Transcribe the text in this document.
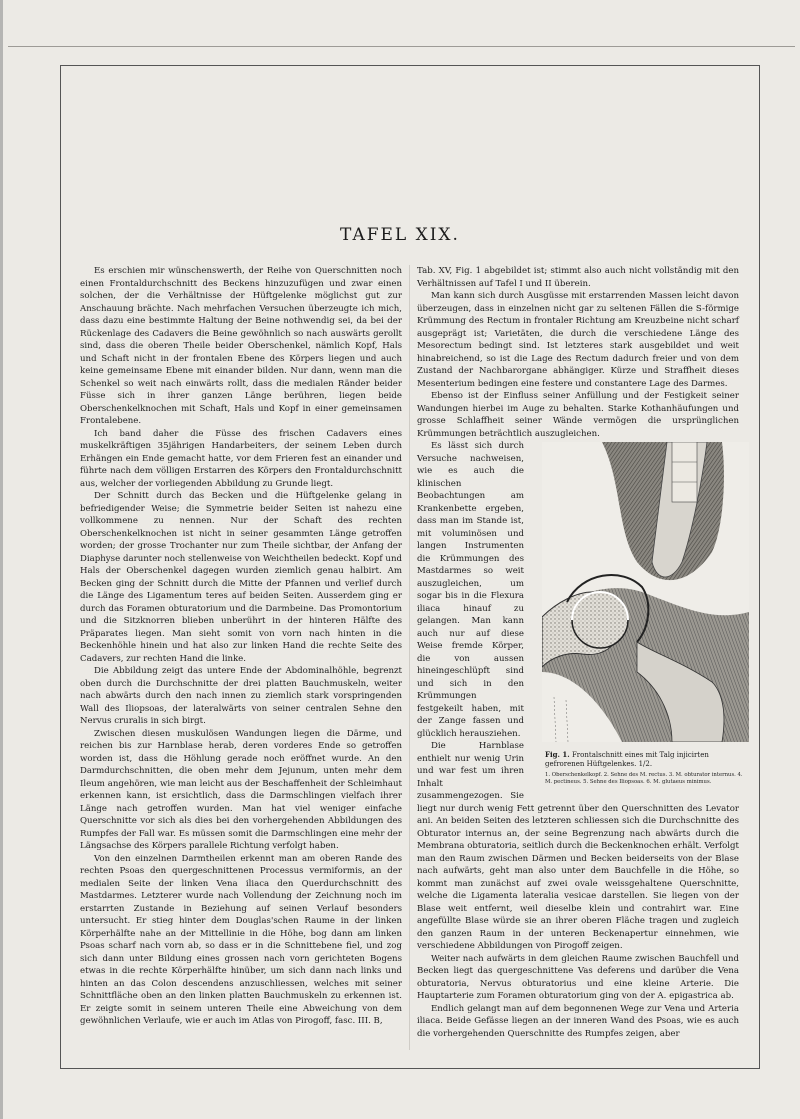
TAFEL XIX.

Es erschien mir wünschenswerth, der Reihe von Querschnitten noch einen Frontaldurchschnitt des Beckens hinzuzufügen und zwar einen solchen, der die Verhältnisse der Hüftgelenke möglichst gut zur Anschauung brächte. Nach mehrfachen Versuchen überzeugte ich mich, dass dazu eine bestimmte Haltung der Beine nothwendig sei, da bei der Rückenlage des Cadavers die Beine gewöhnlich so nach auswärts gerollt sind, dass die oberen Theile beider Oberschenkel, nämlich Kopf, Hals und Schaft nicht in der frontalen Ebene des Körpers liegen und auch keine gemeinsame Ebene mit einander bilden. Nur dann, wenn man die Schenkel so weit nach einwärts rollt, dass die medialen Ränder beider Füsse sich in ihrer ganzen Länge berühren, liegen beide Oberschenkelknochen mit Schaft, Hals und Kopf in einer gemeinsamen Frontalebene.

Ich band daher die Füsse des frischen Cadavers eines muskelkräftigen 35jährigen Handarbeiters, der seinem Leben durch Erhängen ein Ende gemacht hatte, vor dem Frieren fest an einander und führte nach dem völligen Erstarren des Körpers den Frontaldurchschnitt aus, welcher der vorliegenden Abbildung zu Grunde liegt.

Der Schnitt durch das Becken und die Hüftgelenke gelang in befriedigender Weise; die Symmetrie beider Seiten ist nahezu eine vollkommene zu nennen. Nur der Schaft des rechten Oberschenkelknochen ist nicht in seiner gesammten Länge getroffen worden; der grosse Trochanter nur zum Theile sichtbar, der Anfang der Diaphyse darunter noch stellenweise von Weichtheilen bedeckt. Kopf und Hals der Oberschenkel dagegen wurden ziemlich genau halbirt. Am Becken ging der Schnitt durch die Mitte der Pfannen und verlief durch die Länge des Ligamentum teres auf beiden Seiten. Ausserdem ging er durch das Foramen obturatorium und die Darmbeine. Das Promontorium und die Sitzknorren blieben unberührt in der hinteren Hälfte des Präparates liegen. Man sieht somit von vorn nach hinten in die Beckenhöhle hinein und hat also zur linken Hand die rechte Seite des Cadavers, zur rechten Hand die linke.

Die Abbildung zeigt das untere Ende der Abdominalhöhle, begrenzt oben durch die Durchschnitte der drei platten Bauchmuskeln, weiter nach abwärts durch den nach innen zu ziemlich stark vorspringenden Wall des Iliopsoas, der lateralwärts von seiner centralen Sehne den Nervus cruralis in sich birgt.

Zwischen diesen muskulösen Wandungen liegen die Därme, und reichen bis zur Harnblase herab, deren vorderes Ende so getroffen worden ist, dass die Höhlung gerade noch eröffnet wurde. An den Darmdurchschnitten, die oben mehr dem Jejunum, unten mehr dem Ileum angehören, wie man leicht aus der Beschaffenheit der Schleimhaut erkennen kann, ist ersichtlich, dass die Darmschlingen vielfach ihrer Länge nach getroffen wurden. Man hat viel weniger einfache Querschnitte vor sich als dies bei den vorhergehenden Abbildungen des Rumpfes der Fall war. Es müssen somit die Darmschlingen eine mehr der Längsachse des Körpers parallele Richtung verfolgt haben.

Von den einzelnen Darmtheilen erkennt man am oberen Rande des rechten Psoas den quergeschnittenen Processus vermiformis, an der medialen Seite der linken Vena iliaca den Querdurchschnitt des Mastdarmes. Letzterer wurde nach Vollendung der Zeichnung noch im erstarrten Zustande in Beziehung auf seinen Verlauf besonders untersucht. Er stieg hinter dem Douglas'schen Raume in der linken Körperhälfte nahe an der Mittellinie in die Höhe, bog dann am linken Psoas scharf nach vorn ab, so dass er in die Schnittebene fiel, und zog sich dann unter Bildung eines grossen nach vorn gerichteten Bogens etwas in die rechte Körperhälfte hinüber, um sich dann nach links und hinten an das Colon descendens anzuschliessen, welches mit seiner Schnittfläche oben an den linken platten Bauchmuskeln zu erkennen ist. Er zeigte somit in seinem unteren Theile eine Abweichung von dem gewöhnlichen Verlaufe, wie er auch im Atlas von Pirogoff, fasc. III. B,

Tab. XV, Fig. 1 abgebildet ist; stimmt also auch nicht vollständig mit den Verhältnissen auf Tafel I und II überein.

Man kann sich durch Ausgüsse mit erstarrenden Massen leicht davon überzeugen, dass in einzelnen nicht gar zu seltenen Fällen die S-förmige Krümmung des Rectum in frontaler Richtung am Kreuzbeine nicht scharf ausgeprägt ist; Varietäten, die durch die verschiedene Länge des Mesorectum bedingt sind. Ist letzteres stark ausgebildet und weit hinabreichend, so ist die Lage des Rectum dadurch freier und von dem Zustand der Nachbarorgane abhängiger. Kürze und Straffheit dieses Mesenterium bedingen eine festere und constantere Lage des Darmes.

Ebenso ist der Einfluss seiner Anfüllung und der Festigkeit seiner Wandungen hierbei im Auge zu behalten. Starke Kothanhäufungen und grosse Schlaffheit seiner Wände vermögen die ursprünglichen Krümmungen beträchtlich auszugleichen.

Es lässt sich durch Versuche nachweisen, wie es auch die klinischen Beobachtungen am Krankenbette ergeben, dass man im Stande ist, mit voluminösen und langen Instrumenten die Krümmungen des Mastdarmes so weit auszugleichen, um sogar bis in die Flexura iliaca hinauf zu gelangen. Man kann auch nur auf diese Weise fremde Körper, die von aussen hineingeschlüpft sind und sich in den Krümmungen festgekeilt haben, mit der Zange fassen und glücklich herausziehen.

Die Harnblase enthielt nur wenig Urin und war fest um ihren Inhalt zusammengezogen. Sie liegt nur durch wenig Fett getrennt über den Querschnitten des Levator ani. An beiden Seiten des letzteren schliessen sich die Durchschnitte des Obturator internus an, der seine Begrenzung nach abwärts durch die Membrana obturatoria, seitlich durch die Beckenknochen erhält. Verfolgt man den Raum zwischen Därmen und Becken beiderseits von der Blase nach aufwärts, geht man also unter dem Bauchfelle in die Höhe, so kommt man zunächst auf zwei ovale weissgehaltene Querschnitte, welche die Ligamenta lateralia vesicae darstellen. Sie liegen von der Blase weit entfernt, weil dieselbe klein und contrahirt war. Eine angefüllte Blase würde sie an ihrer oberen Fläche tragen und zugleich den ganzen Raum in der unteren Beckenapertur einnehmen, wie verschiedene Abbildungen von Pirogoff zeigen.

Weiter nach aufwärts in dem gleichen Raume zwischen Bauchfell und Becken liegt das quergeschnittene Vas deferens und darüber die Vena obturatoria, Nervus obturatorius und eine kleine Arterie. Die Hauptarterie zum Foramen obturatorium ging von der A. epigastrica ab.

Endlich gelangt man auf dem begonnenen Wege zur Vena und Arteria iliaca. Beide Gefässe liegen an der inneren Wand des Psoas, wie es auch die vorhergehenden Querschnitte des Rumpfes zeigen, aber

Fig. 1. Frontalschnitt eines mit Talg injicirten gefrorenen Hüftgelenkes. 1/2.
1. Oberschenkelkopf. 2. Sehne des M. rectus. 3. M. obturator internus. 4. M. pectineus. 5. Sehne des Iliopsoas. 6. M. glutaeus minimus.
